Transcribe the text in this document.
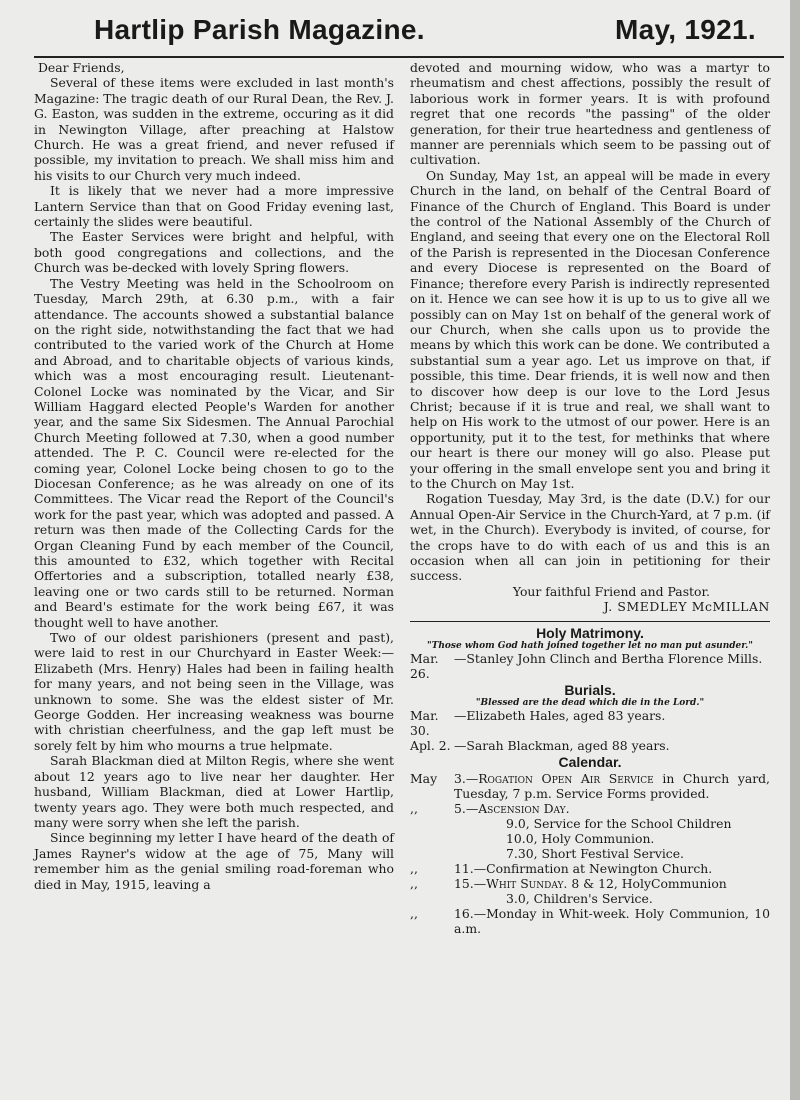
Hartlip Parish Magazine.	May, 1921.

Dear Friends,

Several of these items were excluded in last month's Magazine: The tragic death of our Rural Dean, the Rev. J. G. Easton, was sudden in the extreme, occuring as it did in Newington Village, after preaching at Halstow Church. He was a great friend, and never refused if possible, my invitation to preach. We shall miss him and his visits to our Church very much indeed.

It is likely that we never had a more impressive Lantern Service than that on Good Friday evening last, certainly the slides were beautiful.

The Easter Services were bright and helpful, with both good congregations and collections, and the Church was be-decked with lovely Spring flowers.

The Vestry Meeting was held in the Schoolroom on Tuesday, March 29th, at 6.30 p.m., with a fair attendance. The accounts showed a substantial balance on the right side, notwithstanding the fact that we had contributed to the varied work of the Church at Home and Abroad, and to charitable objects of various kinds, which was a most encouraging result. Lieutenant-Colonel Locke was nominated by the Vicar, and Sir William Haggard elected People's Warden for another year, and the same Six Sidesmen. The Annual Parochial Church Meeting followed at 7.30, when a good number attended. The P. C. Council were re-elected for the coming year, Colonel Locke being chosen to go to the Diocesan Conference; as he was already on one of its Committees. The Vicar read the Report of the Council's work for the past year, which was adopted and passed. A return was then made of the Collecting Cards for the Organ Cleaning Fund by each member of the Council, this amounted to £32, which together with Recital Offertories and a subscription, totalled nearly £38, leaving one or two cards still to be returned. Norman and Beard's estimate for the work being £67, it was thought well to have another.

Two of our oldest parishioners (present and past), were laid to rest in our Churchyard in Easter Week:—Elizabeth (Mrs. Henry) Hales had been in failing health for many years, and not being seen in the Village, was unknown to some. She was the eldest sister of Mr. George Godden. Her increasing weakness was bourne with christian cheerfulness, and the gap left must be sorely felt by him who mourns a true helpmate.

Sarah Blackman died at Milton Regis, where she went about 12 years ago to live near her daughter. Her husband, William Blackman, died at Lower Hartlip, twenty years ago. They were both much respected, and many were sorry when she left the parish.

Since beginning my letter I have heard of the death of James Rayner's widow at the age of 75, Many will remember him as the genial smiling road-foreman who died in May, 1915, leaving a

devoted and mourning widow, who was a martyr to rheumatism and chest affections, possibly the result of laborious work in former years. It is with profound regret that one records "the passing" of the older generation, for their true heartedness and gentleness of manner are perennials which seem to be passing out of cultivation.

On Sunday, May 1st, an appeal will be made in every Church in the land, on behalf of the Central Board of Finance of the Church of England. This Board is under the control of the National Assembly of the Church of England, and seeing that every one on the Electoral Roll of the Parish is represented in the Diocesan Conference and every Diocese is represented on the Board of Finance; therefore every Parish is indirectly represented on it. Hence we can see how it is up to us to give all we possibly can on May 1st on behalf of the general work of our Church, when she calls upon us to provide the means by which this work can be done. We contributed a substantial sum a year ago. Let us improve on that, if possible, this time. Dear friends, it is well now and then to discover how deep is our love to the Lord Jesus Christ; because if it is true and real, we shall want to help on His work to the utmost of our power. Here is an opportunity, put it to the test, for methinks that where our heart is there our money will go also. Please put your offering in the small envelope sent you and bring it to the Church on May 1st.

Rogation Tuesday, May 3rd, is the date (D.V.) for our Annual Open-Air Service in the Church-Yard, at 7 p.m. (if wet, in the Church). Everybody is invited, of course, for the crops have to do with each of us and this is an occasion when all can join in petitioning for their success.

Your faithful Friend and Pastor.
J. SMEDLEY McMILLAN
Holy Matrimony.
"Those whom God hath joined together let no man put asunder."
Mar. 26.
—Stanley John Clinch and Bertha Florence Mills.
Burials.
"Blessed are the dead which die in the Lord."
Mar. 30.
—Elizabeth Hales, aged 83 years.
Apl. 2. —Sarah Blackman, aged 88 years.
Calendar.
May	3.—Rogation Open Air Service in Church yard, Tuesday, 7 p.m. Service Forms provided.
,,	5.—Ascension Day.
9.0, Service for the School Children
10.0, Holy Communion.
7.30, Short Festival Service.
,,	11.—Confirmation at Newington Church.
,,	15.—Whit Sunday. 8 & 12, HolyCommunion
3.0, Children's Service.
,,	16.—Monday in Whit-week. Holy Communion, 10 a.m.
